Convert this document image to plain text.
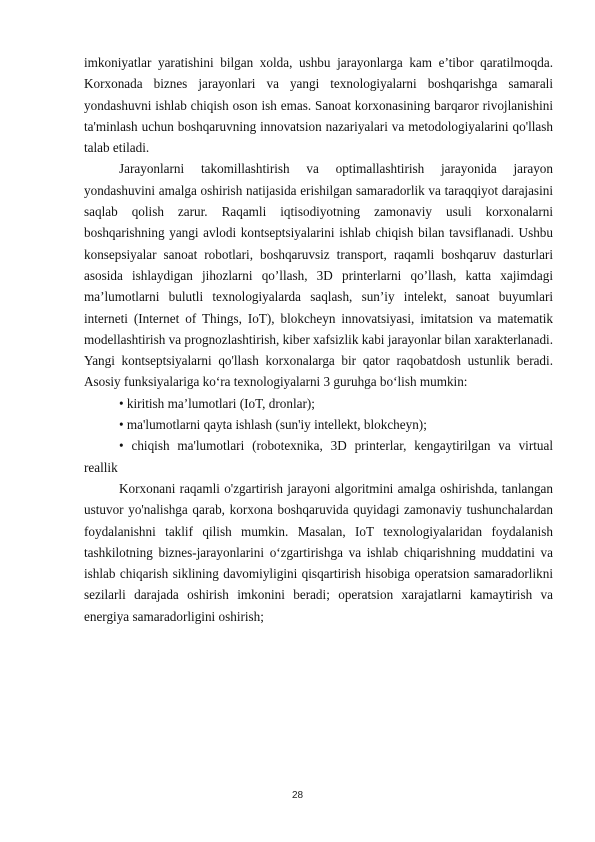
imkoniyatlar yaratishini bilgan xolda, ushbu jarayonlarga kam e’tibor qaratilmoqda. Korxonada biznes jarayonlari va yangi texnologiyalarni boshqarishga samarali yondashuvni ishlab chiqish oson ish emas. Sanoat korxonasining barqaror rivojlanishini ta'minlash uchun boshqaruvning innovatsion nazariyalari va metodologiyalarini qo'llash talab etiladi.

Jarayonlarni takomillashtirish va optimallashtirish jarayonida jarayon yondashuvini amalga oshirish natijasida erishilgan samaradorlik va taraqqiyot darajasini saqlab qolish zarur. Raqamli iqtisodiyotning zamonaviy usuli korxonalarni boshqarishning yangi avlodi kontseptsiyalarini ishlab chiqish bilan tavsiflanadi. Ushbu konsepsiyalar sanoat robotlari, boshqaruvsiz transport, raqamli boshqaruv dasturlari asosida ishlaydigan jihozlarni qo’llash, 3D printerlarni qo’llash, katta xajimdagi ma’lumotlarni bulutli texnologiyalarda saqlash, sun’iy intelekt, sanoat buyumlari interneti (Internet of Things, IoT), blokcheyn innovatsiyasi, imitatsion va matematik modellashtirish va prognozlashtirish, kiber xafsizlik kabi jarayonlar bilan xarakterlanadi. Yangi kontseptsiyalarni qo'llash korxonalarga bir qator raqobatdosh ustunlik beradi. Asosiy funksiyalariga ko‘ra texnologiyalarni 3 guruhga bo‘lish mumkin:

• kiritish ma’lumotlari (IoT, dronlar);

• ma'lumotlarni qayta ishlash (sun'iy intellekt, blokcheyn);

• chiqish ma'lumotlari (robotexnika, 3D printerlar, kengaytirilgan va virtual reallik

Korxonani raqamli o'zgartirish jarayoni algoritmini amalga oshirishda, tanlangan ustuvor yo'nalishga qarab, korxona boshqaruvida quyidagi zamonaviy tushunchalardan foydalanishni taklif qilish mumkin. Masalan, IoT texnologiyalaridan foydalanish tashkilotning biznes-jarayonlarini o‘zgartirishga va ishlab chiqarishning muddatini va ishlab chiqarish siklining davomiyligini qisqartirish hisobiga operatsion samaradorlikni sezilarli darajada oshirish imkonini beradi; operatsion xarajatlarni kamaytirish va energiya samaradorligini oshirish;

28
